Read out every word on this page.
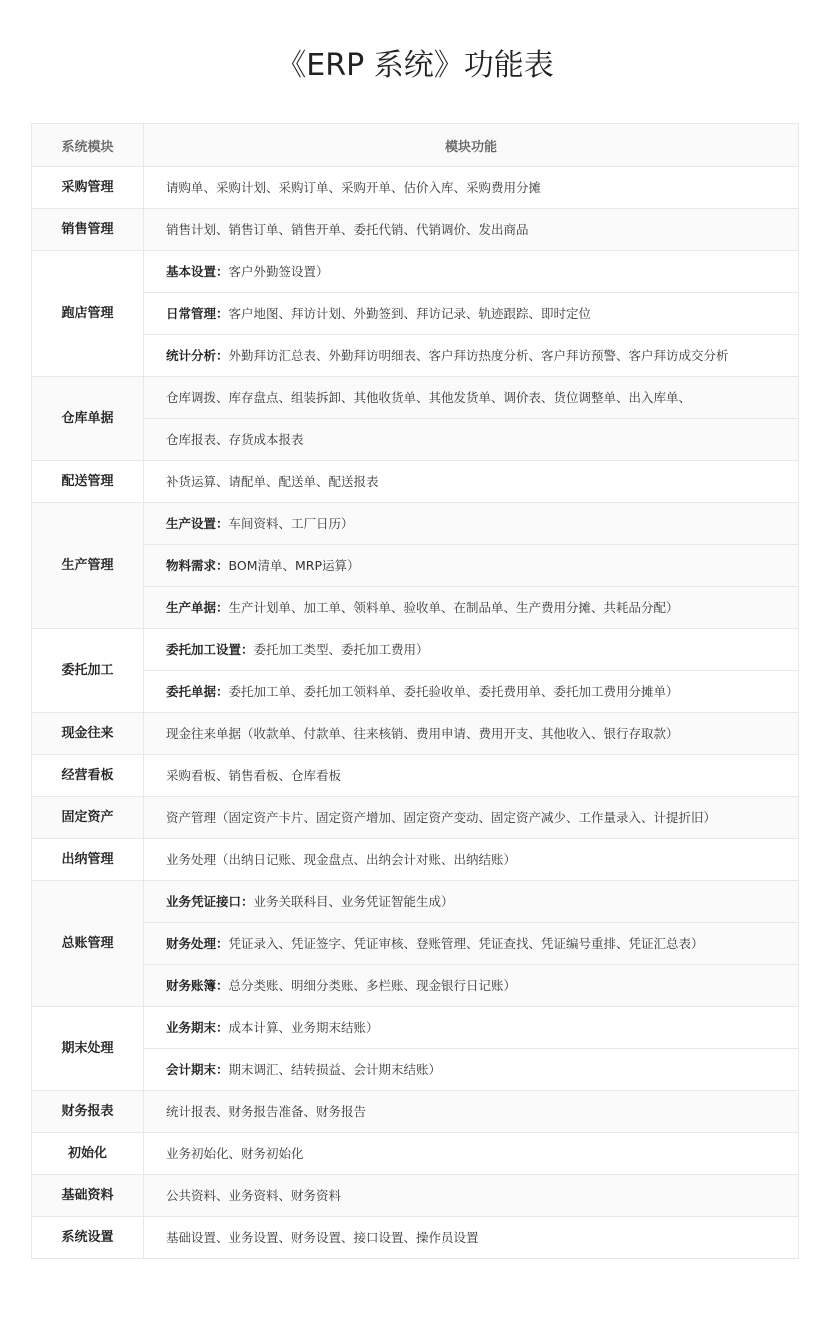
《ERP 系统》功能表
系统模块	模块功能
采购管理	请购单、采购计划、采购订单、采购开单、估价入库、采购费用分摊
销售管理	销售计划、销售订单、销售开单、委托代销、代销调价、发出商品
跑店管理	基本设置：客户外勤签设置）
	日常管理：客户地图、拜访计划、外勤签到、拜访记录、轨迹跟踪、即时定位
	统计分析：外勤拜访汇总表、外勤拜访明细表、客户拜访热度分析、客户拜访预警、客户拜访成交分析
仓库单据	仓库调拨、库存盘点、组装拆卸、其他收货单、其他发货单、调价表、货位调整单、出入库单、
	仓库报表、存货成本报表
配送管理	补货运算、请配单、配送单、配送报表
生产管理	生产设置：车间资料、工厂日历）
	物料需求：BOM清单、MRP运算）
	生产单据：生产计划单、加工单、领料单、验收单、在制品单、生产费用分摊、共耗品分配）
委托加工	委托加工设置：委托加工类型、委托加工费用）
	委托单据：委托加工单、委托加工领料单、委托验收单、委托费用单、委托加工费用分摊单）
现金往来	现金往来单据（收款单、付款单、往来核销、费用申请、费用开支、其他收入、银行存取款）
经营看板	采购看板、销售看板、仓库看板
固定资产	资产管理（固定资产卡片、固定资产增加、固定资产变动、固定资产减少、工作量录入、计提折旧）
出纳管理	业务处理（出纳日记账、现金盘点、出纳会计对账、出纳结账）
总账管理	业务凭证接口：业务关联科目、业务凭证智能生成）
	财务处理：凭证录入、凭证签字、凭证审核、登账管理、凭证查找、凭证编号重排、凭证汇总表）
	财务账簿：总分类账、明细分类账、多栏账、现金银行日记账）
期末处理	业务期末：成本计算、业务期末结账）
	会计期末：期末调汇、结转损益、会计期末结账）
财务报表	统计报表、财务报告准备、财务报告
初始化	业务初始化、财务初始化
基础资料	公共资料、业务资料、财务资料
系统设置	基础设置、业务设置、财务设置、接口设置、操作员设置
